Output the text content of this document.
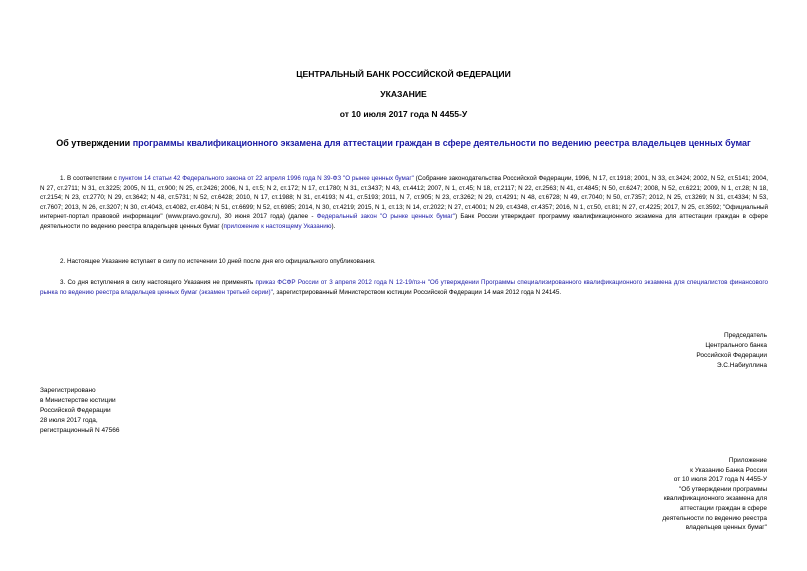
ЦЕНТРАЛЬНЫЙ БАНК РОССИЙСКОЙ ФЕДЕРАЦИИ
УКАЗАНИЕ
от 10 июля 2017 года N 4455-У
Об утверждении программы квалификационного экзамена для аттестации граждан в сфере деятельности по ведению реестра владельцев ценных бумаг

1. В соответствии с пунктом 14 статьи 42 Федерального закона от 22 апреля 1996 года N 39-ФЗ "О рынке ценных бумаг" (Собрание законодательства Российской Федерации, 1996, N 17, ст.1918; 2001, N 33, ст.3424; 2002, N 52, ст.5141; 2004, N 27, ст.2711; N 31, ст.3225; 2005, N 11, ст.900; N 25, ст.2426; 2006, N 1, ст.5; N 2, ст.172; N 17, ст.1780; N 31, ст.3437; N 43, ст.4412; 2007, N 1, ст.45; N 18, ст.2117; N 22, ст.2563; N 41, ст.4845; N 50, ст.6247; 2008, N 52, ст.6221; 2009, N 1, ст.28; N 18, ст.2154; N 23, ст.2770; N 29, ст.3642; N 48, ст.5731; N 52, ст.6428; 2010, N 17, ст.1988; N 31, ст.4193; N 41, ст.5193; 2011, N 7, ст.905; N 23, ст.3262; N 29, ст.4291; N 48, ст.6728; N 49, ст.7040; N 50, ст.7357; 2012, N 25, ст.3269; N 31, ст.4334; N 53, ст.7607; 2013, N 26, ст.3207; N 30, ст.4043, ст.4082, ст.4084; N 51, ст.6699; N 52, ст.6985; 2014, N 30, ст.4219; 2015, N 1, ст.13; N 14, ст.2022; N 27, ст.4001; N 29, ст.4348, ст.4357; 2016, N 1, ст.50, ст.81; N 27, ст.4225; 2017, N 25, ст.3592; "Официальный интернет-портал правовой информации" (www.pravo.gov.ru), 30 июня 2017 года) (далее - Федеральный закон "О рынке ценных бумаг") Банк России утверждает программу квалификационного экзамена для аттестации граждан в сфере деятельности по ведению реестра владельцев ценных бумаг (приложение к настоящему Указанию).

2. Настоящее Указание вступает в силу по истечении 10 дней после дня его официального опубликования.

3. Со дня вступления в силу настоящего Указания не применять приказ ФСФР России от 3 апреля 2012 года N 12-19/пз-н "Об утверждении Программы специализированного квалификационного экзамена для специалистов финансового рынка по ведению реестра владельцев ценных бумаг (экзамен третьей серии)", зарегистрированный Министерством юстиции Российской Федерации 14 мая 2012 года N 24145.

Председатель
Центрального банка
Российской Федерации
Э.С.Набиуллина
Зарегистрировано
в Министерстве юстиции
Российской Федерации
28 июля 2017 года,
регистрационный N 47566
Приложение
к Указанию Банка России
от 10 июля 2017 года N 4455-У
"Об утверждении программы
квалификационного экзамена для
аттестации граждан в сфере
деятельности по ведению реестра
владельцев ценных бумаг"
